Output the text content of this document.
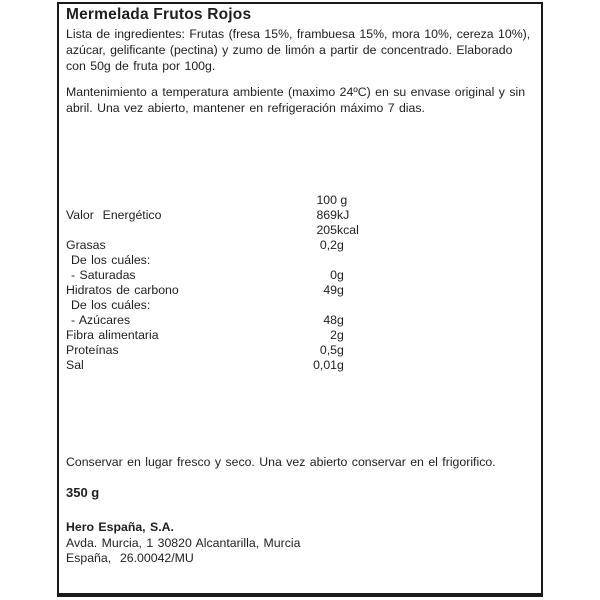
Mermelada Frutos Rojos
Lista de ingredientes: Frutas (fresa 15%, frambuesa 15%, mora 10%, cereza 10%), azúcar, gelificante (pectina) y zumo de limón a partir de concentrado. Elaborado con 50g de fruta por 100g.
Mantenimiento a temperatura ambiente (maximo 24ºC) en su envase original y sin abril. Una vez abierto, mantener en refrigeración máximo 7 dias.
100 g
Valor  Energético	869kJ
205kcal
Grasas	0,2g
De los cuáles:
- Saturadas	0g
Hidratos de carbono	49g
De los cuáles:
- Azúcares	48g
Fibra alimentaria	2g
Proteínas	0,5g
Sal	0,01g
Conservar en lugar fresco y seco. Una vez abierto conservar en el frigorifico.
350 g
Hero España, S.A.
Avda. Murcia, 1 30820 Alcantarilla, Murcia
España,  26.00042/MU
